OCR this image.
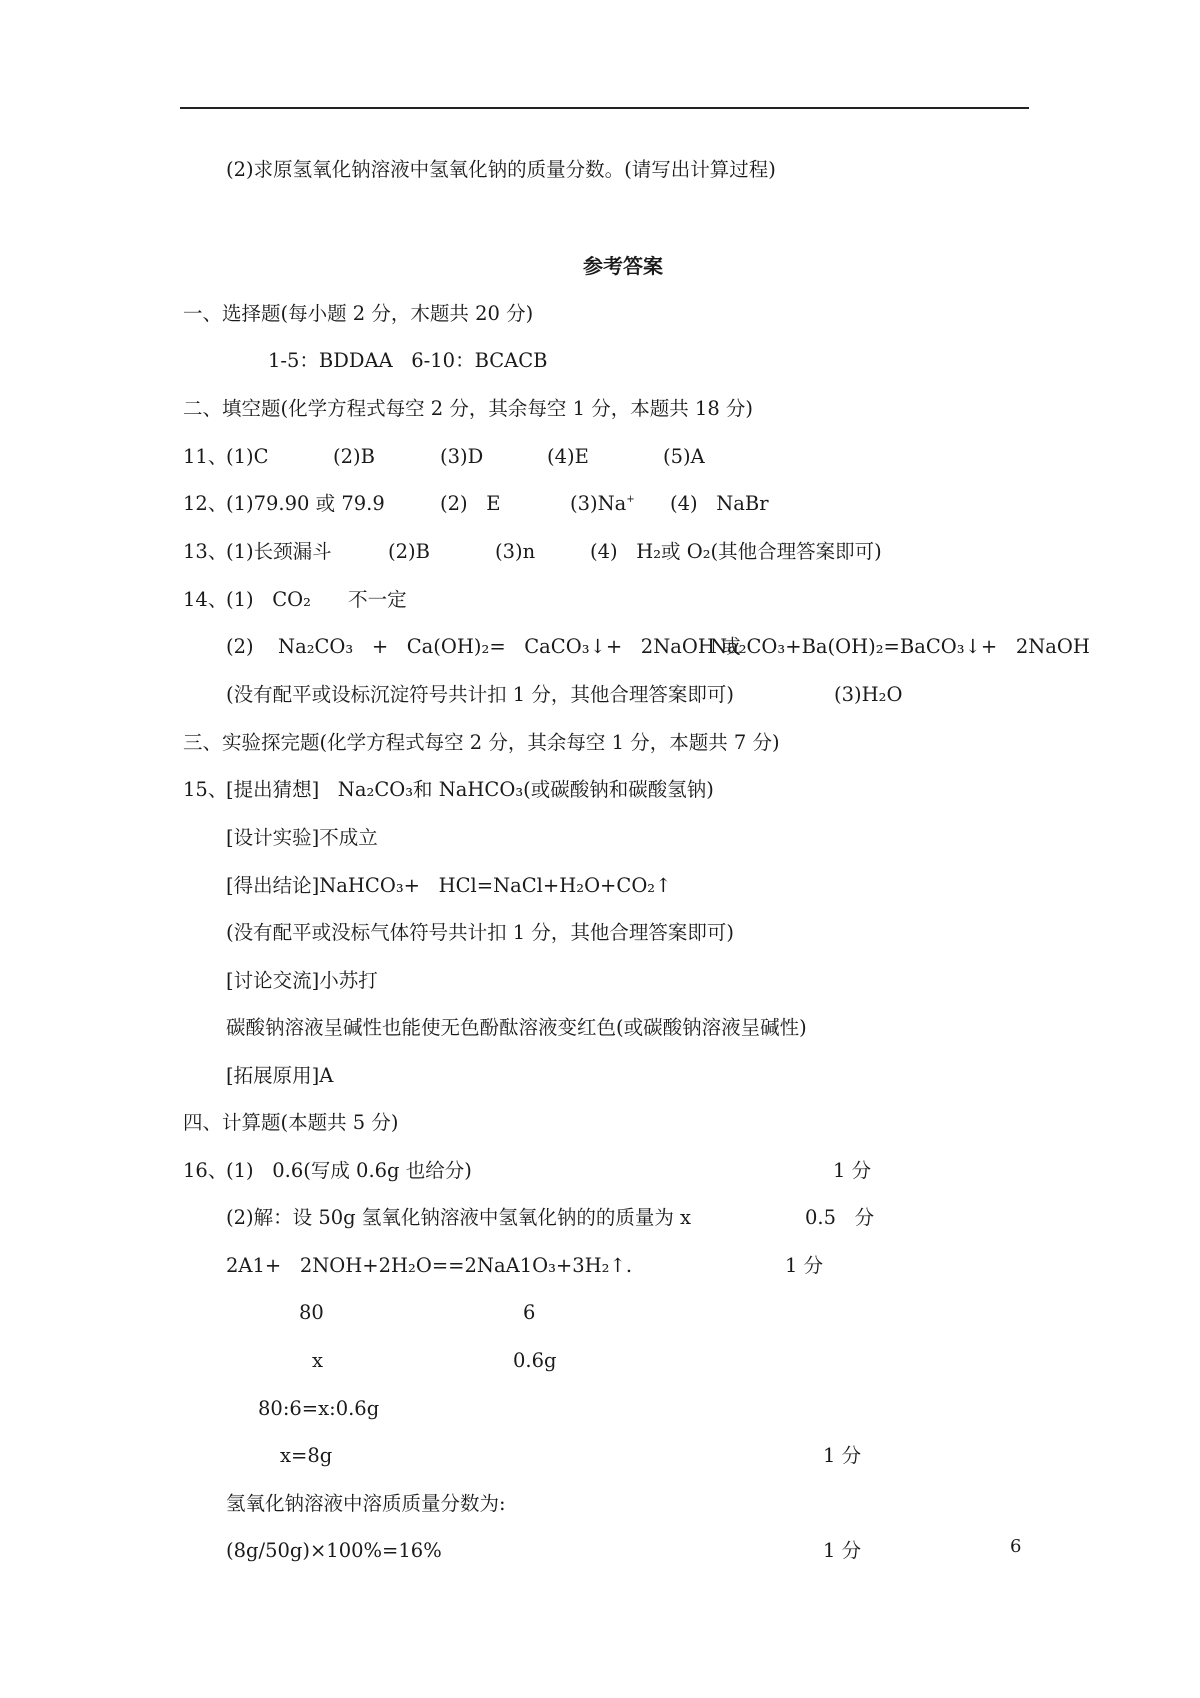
(2)求原氢氧化钠溶液中氢氧化钠的质量分数。(请写出计算过程)
参考答案
一、选择题(每小题 2 分，木题共 20 分)
1-5：BDDAA   6-10：BCACB
二、填空题(化学方程式每空 2 分，其余每空 1 分，本题共 18 分)
11、
(1)C	(2)B	(3)D	(4)E	(5)A
12、
(1)79.90 或 79.9	(2)   E	(3)Na+ (4)   NaBr
13、
(1)长颈漏斗	(2)B	(3)n	(4)   H₂或 O₂(其他合理答案即可)
14、
(1)   CO₂      不一定
(2) Na₂CO₃   +   Ca(OH)₂=   CaCO₃↓+   2NaOH 或
Na₂CO₃+Ba(OH)₂=BaCO₃↓+   2NaOH
(没有配平或设标沉淀符号共计扣 1 分，其他合理答案即可)	(3)H₂O
三、实验探完题(化学方程式每空 2 分，其余每空 1 分，本题共 7 分)
15、
[提出猜想]   Na₂CO₃和 NaHCO₃(或碳酸钠和碳酸氢钠)
[设计实验]不成立
[得出结论]NaHCO₃+   HCl=NaCl+H₂O+CO₂↑
(没有配平或没标气体符号共计扣 1 分，其他合理答案即可)
[讨论交流]小苏打
碳酸钠溶液呈碱性也能使无色酚酞溶液变红色(或碳酸钠溶液呈碱性)
[拓展原用]A
四、计算题(本题共 5 分)
16、
(1)   0.6(写成 0.6g 也给分)	1 分
(2)解：设 50g 氢氧化钠溶液中氢氧化钠的的质量为 x	0.5   分
2A1+   2NOH+2H₂O==2NaA1O₃+3H₂↑.	1 分
80	6
x	0.6g
80:6=x:0.6g
x=8g	1 分
氢氧化钠溶液中溶质质量分数为:
(8g/50g)×100%=16%	1 分	6
